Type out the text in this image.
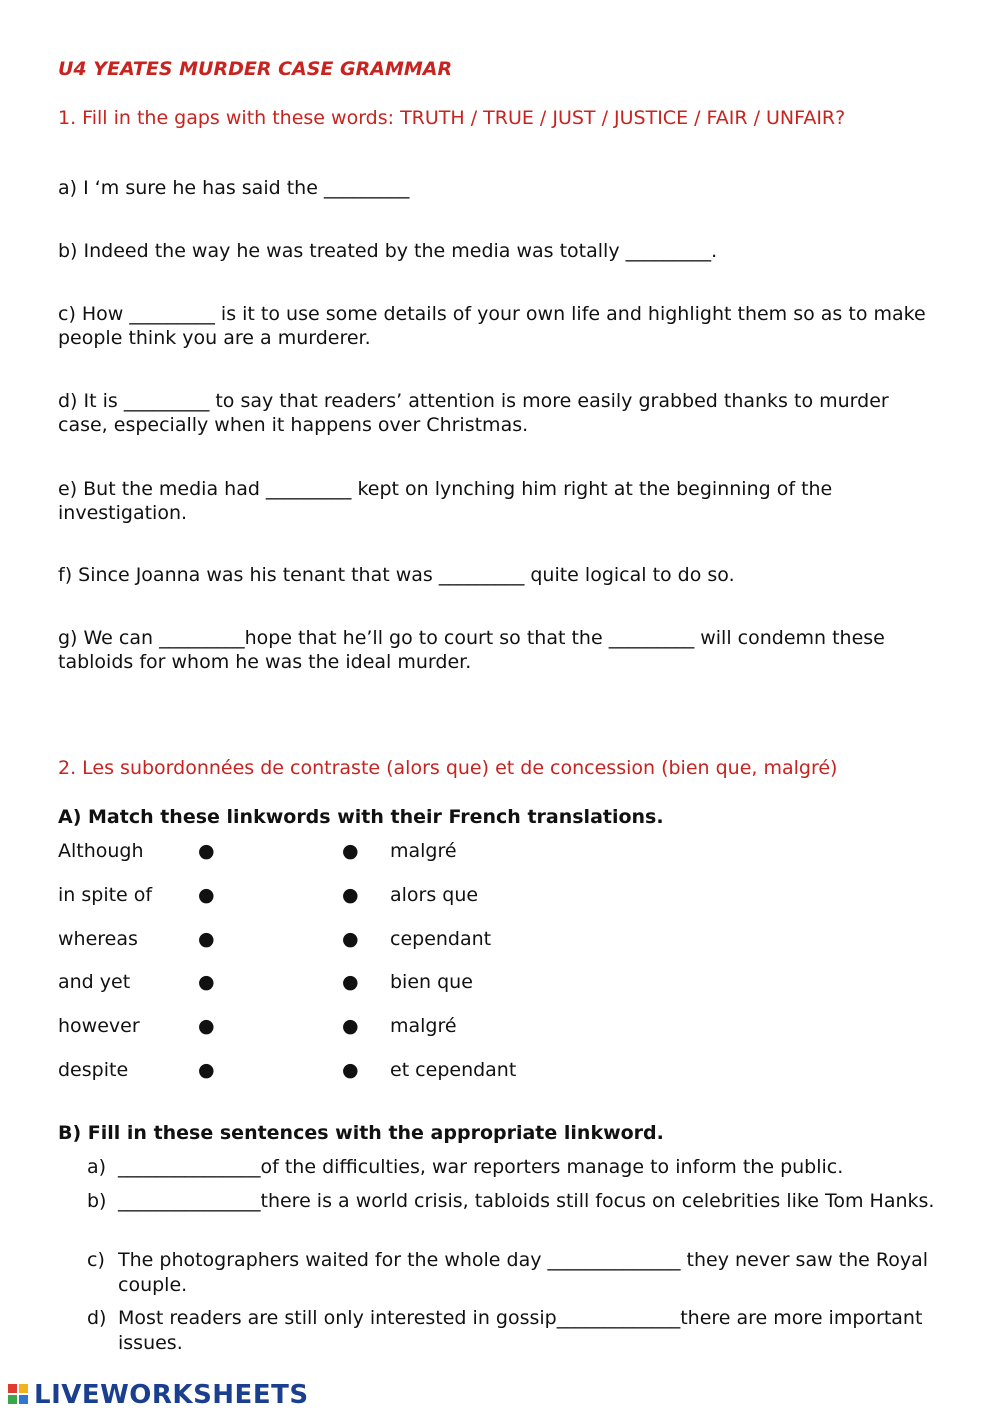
U4 YEATES MURDER CASE GRAMMAR
1. Fill in the gaps with these words: TRUTH / TRUE / JUST / JUSTICE / FAIR / UNFAIR?
a) I ‘m sure he has said the _________
b) Indeed the way he was treated by the media was totally _________.
c) How _________ is it to use some details of your own life and highlight them so as to make people think you are a murderer.
d) It is _________ to say that readers’ attention is more easily grabbed thanks to murder case, especially when it happens over Christmas.
e) But the media had _________ kept on lynching him right at the beginning of the investigation.
f) Since Joanna was his tenant that was _________ quite logical to do so.
g) We can _________hope that he’ll go to court so that the _________ will condemn these tabloids for whom he was the ideal murder.
2. Les subordonnées de contraste (alors que) et de concession (bien que, malgré)
A) Match these linkwords with their French translations.
Although	●	● malgré
in spite of ●	● alors que
whereas	●	● cependant
and yet	●	● bien que
however	●	● malgré
despite	●	● et cependant
B) Fill in these sentences with the appropriate linkword.
a) _______________of the difficulties, war reporters manage to inform the public.
b) _______________there is a world crisis, tabloids still focus on celebrities like Tom Hanks.
c) The photographers waited for the whole day ______________ they never saw the Royal couple.
d) Most readers are still only interested in gossip_____________there are more important issues.
LIVEWORKSHEETS
